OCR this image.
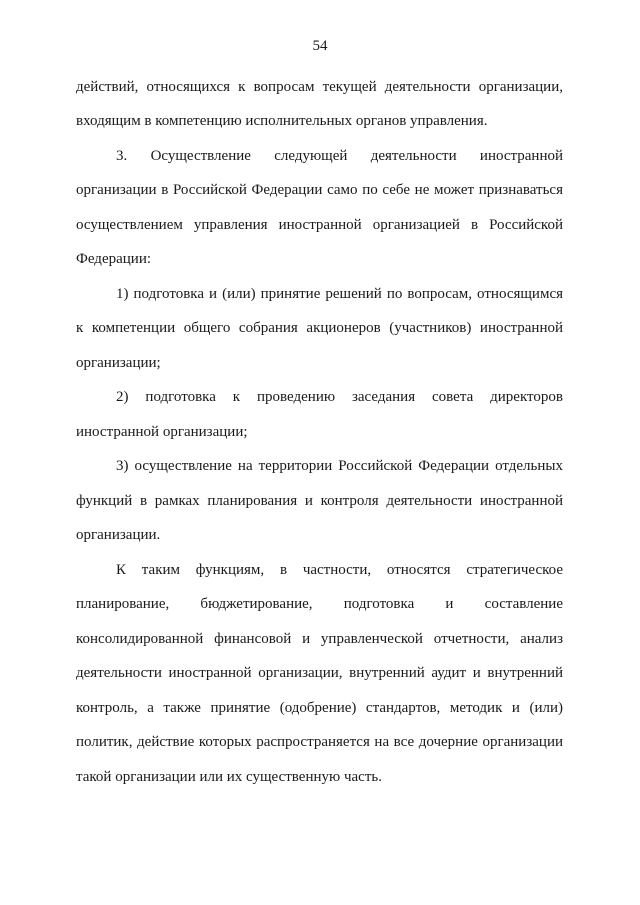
54
действий, относящихся к вопросам текущей деятельности организации,
входящим в компетенцию исполнительных органов управления.
3. Осуществление следующей деятельности иностранной
организации в Российской Федерации само по себе не может признаваться
осуществлением управления иностранной организацией в Российской
Федерации:
1) подготовка и (или) принятие решений по вопросам, относящимся
к компетенции общего собрания акционеров (участников) иностранной
организации;
2) подготовка к проведению заседания совета директоров
иностранной организации;
3) осуществление на территории Российской Федерации отдельных
функций в рамках планирования и контроля деятельности иностранной
организации.
К таким функциям, в частности, относятся стратегическое
планирование, бюджетирование, подготовка и составление
консолидированной финансовой и управленческой отчетности, анализ
деятельности иностранной организации, внутренний аудит и внутренний
контроль, а также принятие (одобрение) стандартов, методик и (или)
политик, действие которых распространяется на все дочерние организации
такой организации или их существенную часть.
